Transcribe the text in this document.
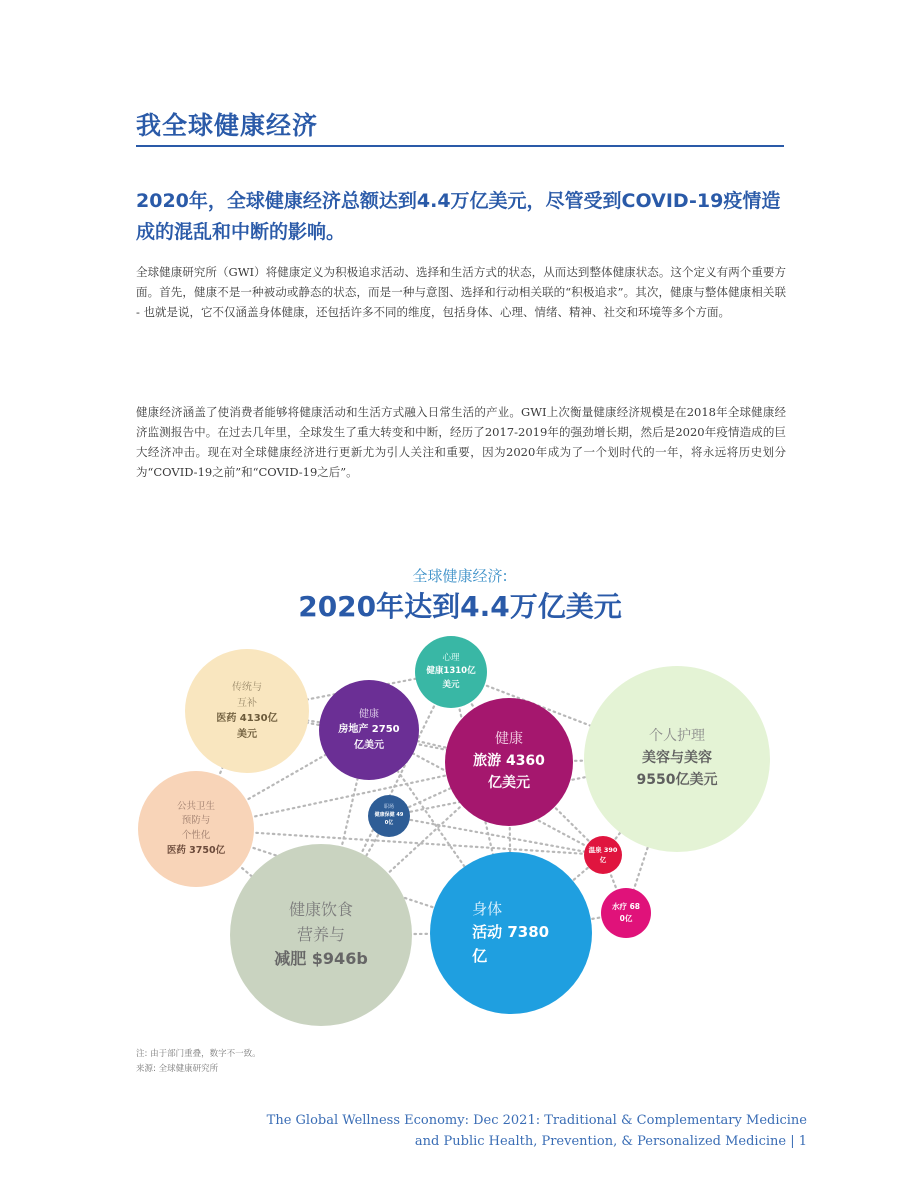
我全球健康经济
2020年，全球健康经济总额达到4.4万亿美元，尽管受到COVID-19疫情造成的混乱和中断的影响。
全球健康研究所（GWI）将健康定义为积极追求活动、选择和生活方式的状态，从而达到整体健康状态。这个定义有两个重要方面。首先，健康不是一种被动或静态的状态，而是一种与意图、选择和行动相关联的“积极追求”。其次，健康与整体健康相关联 - 也就是说，它不仅涵盖身体健康，还包括许多不同的维度，包括身体、心理、情绪、精神、社交和环境等多个方面。
健康经济涵盖了使消费者能够将健康活动和生活方式融入日常生活的产业。GWI上次衡量健康经济规模是在2018年全球健康经济监测报告中。在过去几年里，全球发生了重大转变和中断，经历了2017-2019年的强劲增长期，然后是2020年疫情造成的巨大经济冲击。现在对全球健康经济进行更新尤为引人关注和重要，因为2020年成为了一个划时代的一年，将永远将历史划分为“COVID-19之前”和“COVID-19之后”。
全球健康经济:
2020年达到4.4万亿美元
传统与
互补
医药 4130亿
美元
公共卫生
预防与
个性化
医药 3750亿
健康
房地产 2750
亿美元
心理
健康1310亿
美元
职场
健康保健 49
0亿
健康
旅游 4360
亿美元
个人护理
美容与美容
9550亿美元
健康饮食
营养与
减肥 $946b
身体
活动 7380
亿
温泉 390
亿
水疗 68
0亿
注: 由于部门重叠，数字不一致。
来源: 全球健康研究所
The Global Wellness Economy: Dec 2021: Traditional & Complementary Medicine
and Public Health, Prevention, & Personalized Medicine | 1
